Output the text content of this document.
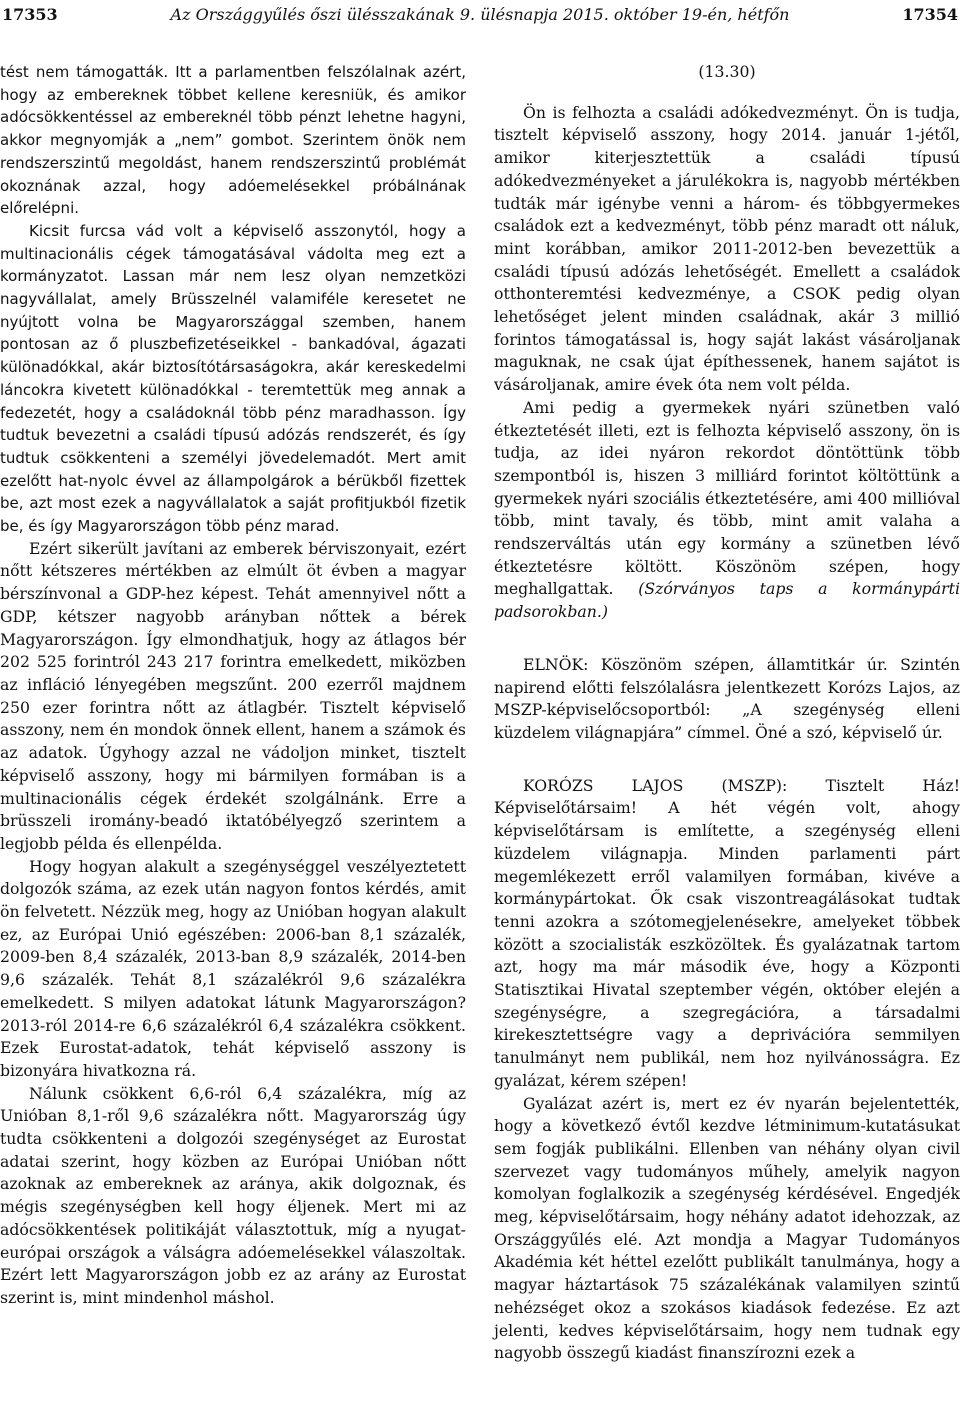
17353	Az Országgyűlés őszi ülésszakának 9. ülésnapja 2015. október 19-én, hétfőn	17354

tést nem támogatták. Itt a parlamentben felszólalnak azért, hogy az embereknek többet kellene keresniük, és amikor adócsökkentéssel az embereknél több pénzt lehetne hagyni, akkor megnyomják a „nem” gombot. Szerintem önök nem rendszerszintű megoldást, hanem rendszerszintű problémát okoznának azzal, hogy adóemelésekkel próbálnának előrelépni.

Kicsit furcsa vád volt a képviselő asszonytól, hogy a multinacionális cégek támogatásával vádolta meg ezt a kormányzatot. Lassan már nem lesz olyan nemzetközi nagyvállalat, amely Brüsszelnél valamiféle keresetet ne nyújtott volna be Magyarországgal szemben, hanem pontosan az ő pluszbefizetéseikkel - bankadóval, ágazati különadókkal, akár biztosítótársaságokra, akár kereskedelmi láncokra kivetett különadókkal - teremtettük meg annak a fedezetét, hogy a családoknál több pénz maradhasson. Így tudtuk bevezetni a családi típusú adózás rendszerét, és így tudtuk csökkenteni a személyi jövedelemadót. Mert amit ezelőtt hat-nyolc évvel az állampolgárok a bérükből fizettek be, azt most ezek a nagyvállalatok a saját profitjukból fizetik be, és így Magyarországon több pénz marad.

Ezért sikerült javítani az emberek bérviszonyait, ezért nőtt kétszeres mértékben az elmúlt öt évben a magyar bérszínvonal a GDP-hez képest. Tehát amennyivel nőtt a GDP, kétszer nagyobb arányban nőttek a bérek Magyarországon. Így elmondhatjuk, hogy az átlagos bér 202 525 forintról 243 217 forintra emelkedett, miközben az infláció lényegében megszűnt. 200 ezerről majdnem 250 ezer forintra nőtt az átlagbér. Tisztelt képviselő asszony, nem én mondok önnek ellent, hanem a számok és az adatok. Úgyhogy azzal ne vádoljon minket, tisztelt képviselő asszony, hogy mi bármilyen formában is a multinacionális cégek érdekét szolgálnánk. Erre a brüsszeli iromány-beadó iktatóbélyegző szerintem a legjobb példa és ellenpélda.

Hogy hogyan alakult a szegénységgel veszélyeztetett dolgozók száma, az ezek után nagyon fontos kérdés, amit ön felvetett. Nézzük meg, hogy az Unióban hogyan alakult ez, az Európai Unió egészében: 2006-ban 8,1 százalék, 2009-ben 8,4 százalék, 2013-ban 8,9 százalék, 2014-ben 9,6 százalék. Tehát 8,1 százalékról 9,6 százalékra emelkedett. S milyen adatokat látunk Magyarországon? 2013-ról 2014-re 6,6 százalékról 6,4 százalékra csökkent. Ezek Eurostat-adatok, tehát képviselő asszony is bizonyára hivatkozna rá.

Nálunk csökkent 6,6-ról 6,4 százalékra, míg az Unióban 8,1-ről 9,6 százalékra nőtt. Magyarország úgy tudta csökkenteni a dolgozói szegénységet az Eurostat adatai szerint, hogy közben az Európai Unióban nőtt azoknak az embereknek az aránya, akik dolgoznak, és mégis szegénységben kell hogy éljenek. Mert mi az adócsökkentések politikáját választottuk, míg a nyugat-európai országok a válságra adóemelésekkel válaszoltak. Ezért lett Magyarországon jobb ez az arány az Eurostat szerint is, mint mindenhol máshol.

(13.30)

Ön is felhozta a családi adókedvezményt. Ön is tudja, tisztelt képviselő asszony, hogy 2014. január 1-jétől, amikor kiterjesztettük a családi típusú adókedvezményeket a járulékokra is, nagyobb mértékben tudták már igénybe venni a három- és többgyermekes családok ezt a kedvezményt, több pénz maradt ott náluk, mint korábban, amikor 2011-2012-ben bevezettük a családi típusú adózás lehetőségét. Emellett a családok otthonteremtési kedvezménye, a CSOK pedig olyan lehetőséget jelent minden családnak, akár 3 millió forintos támogatással is, hogy saját lakást vásároljanak maguknak, ne csak újat építhessenek, hanem sajátot is vásároljanak, amire évek óta nem volt példa.

Ami pedig a gyermekek nyári szünetben való étkeztetését illeti, ezt is felhozta képviselő asszony, ön is tudja, az idei nyáron rekordot döntöttünk több szempontból is, hiszen 3 milliárd forintot költöttünk a gyermekek nyári szociális étkeztetésére, ami 400 millióval több, mint tavaly, és több, mint amit valaha a rendszerváltás után egy kormány a szünetben lévő étkeztetésre költött. Köszönöm szépen, hogy meghallgattak. (Szórványos taps a kormánypárti padsorokban.)

ELNÖK: Köszönöm szépen, államtitkár úr. Szintén napirend előtti felszólalásra jelentkezett Korózs Lajos, az MSZP-képviselőcsoportból: „A szegénység elleni küzdelem világnapjára” címmel. Öné a szó, képviselő úr.

KORÓZS LAJOS (MSZP): Tisztelt Ház! Képviselőtársaim! A hét végén volt, ahogy képviselőtársam is említette, a szegénység elleni küzdelem világnapja. Minden parlamenti párt megemlékezett erről valamilyen formában, kivéve a kormánypártokat. Ők csak viszontreagálásokat tudtak tenni azokra a szótomegjelenésekre, amelyeket többek között a szocialisták eszközöltek. És gyalázatnak tartom azt, hogy ma már második éve, hogy a Központi Statisztikai Hivatal szeptember végén, október elején a szegénységre, a szegregációra, a társadalmi kirekesztettségre vagy a deprivációra semmilyen tanulmányt nem publikál, nem hoz nyilvánosságra. Ez gyalázat, kérem szépen!

Gyalázat azért is, mert ez év nyarán bejelentették, hogy a következő évtől kezdve létminimum-kutatásukat sem fogják publikálni. Ellenben van néhány olyan civil szervezet vagy tudományos műhely, amelyik nagyon komolyan foglalkozik a szegénység kérdésével. Engedjék meg, képviselőtársaim, hogy néhány adatot idehozzak, az Országgyűlés elé. Azt mondja a Magyar Tudományos Akadémia két héttel ezelőtt publikált tanulmánya, hogy a magyar háztartások 75 százalékának valamilyen szintű nehézséget okoz a szokásos kiadások fedezése. Ez azt jelenti, kedves képviselőtársaim, hogy nem tudnak egy nagyobb összegű kiadást finanszírozni ezek a
